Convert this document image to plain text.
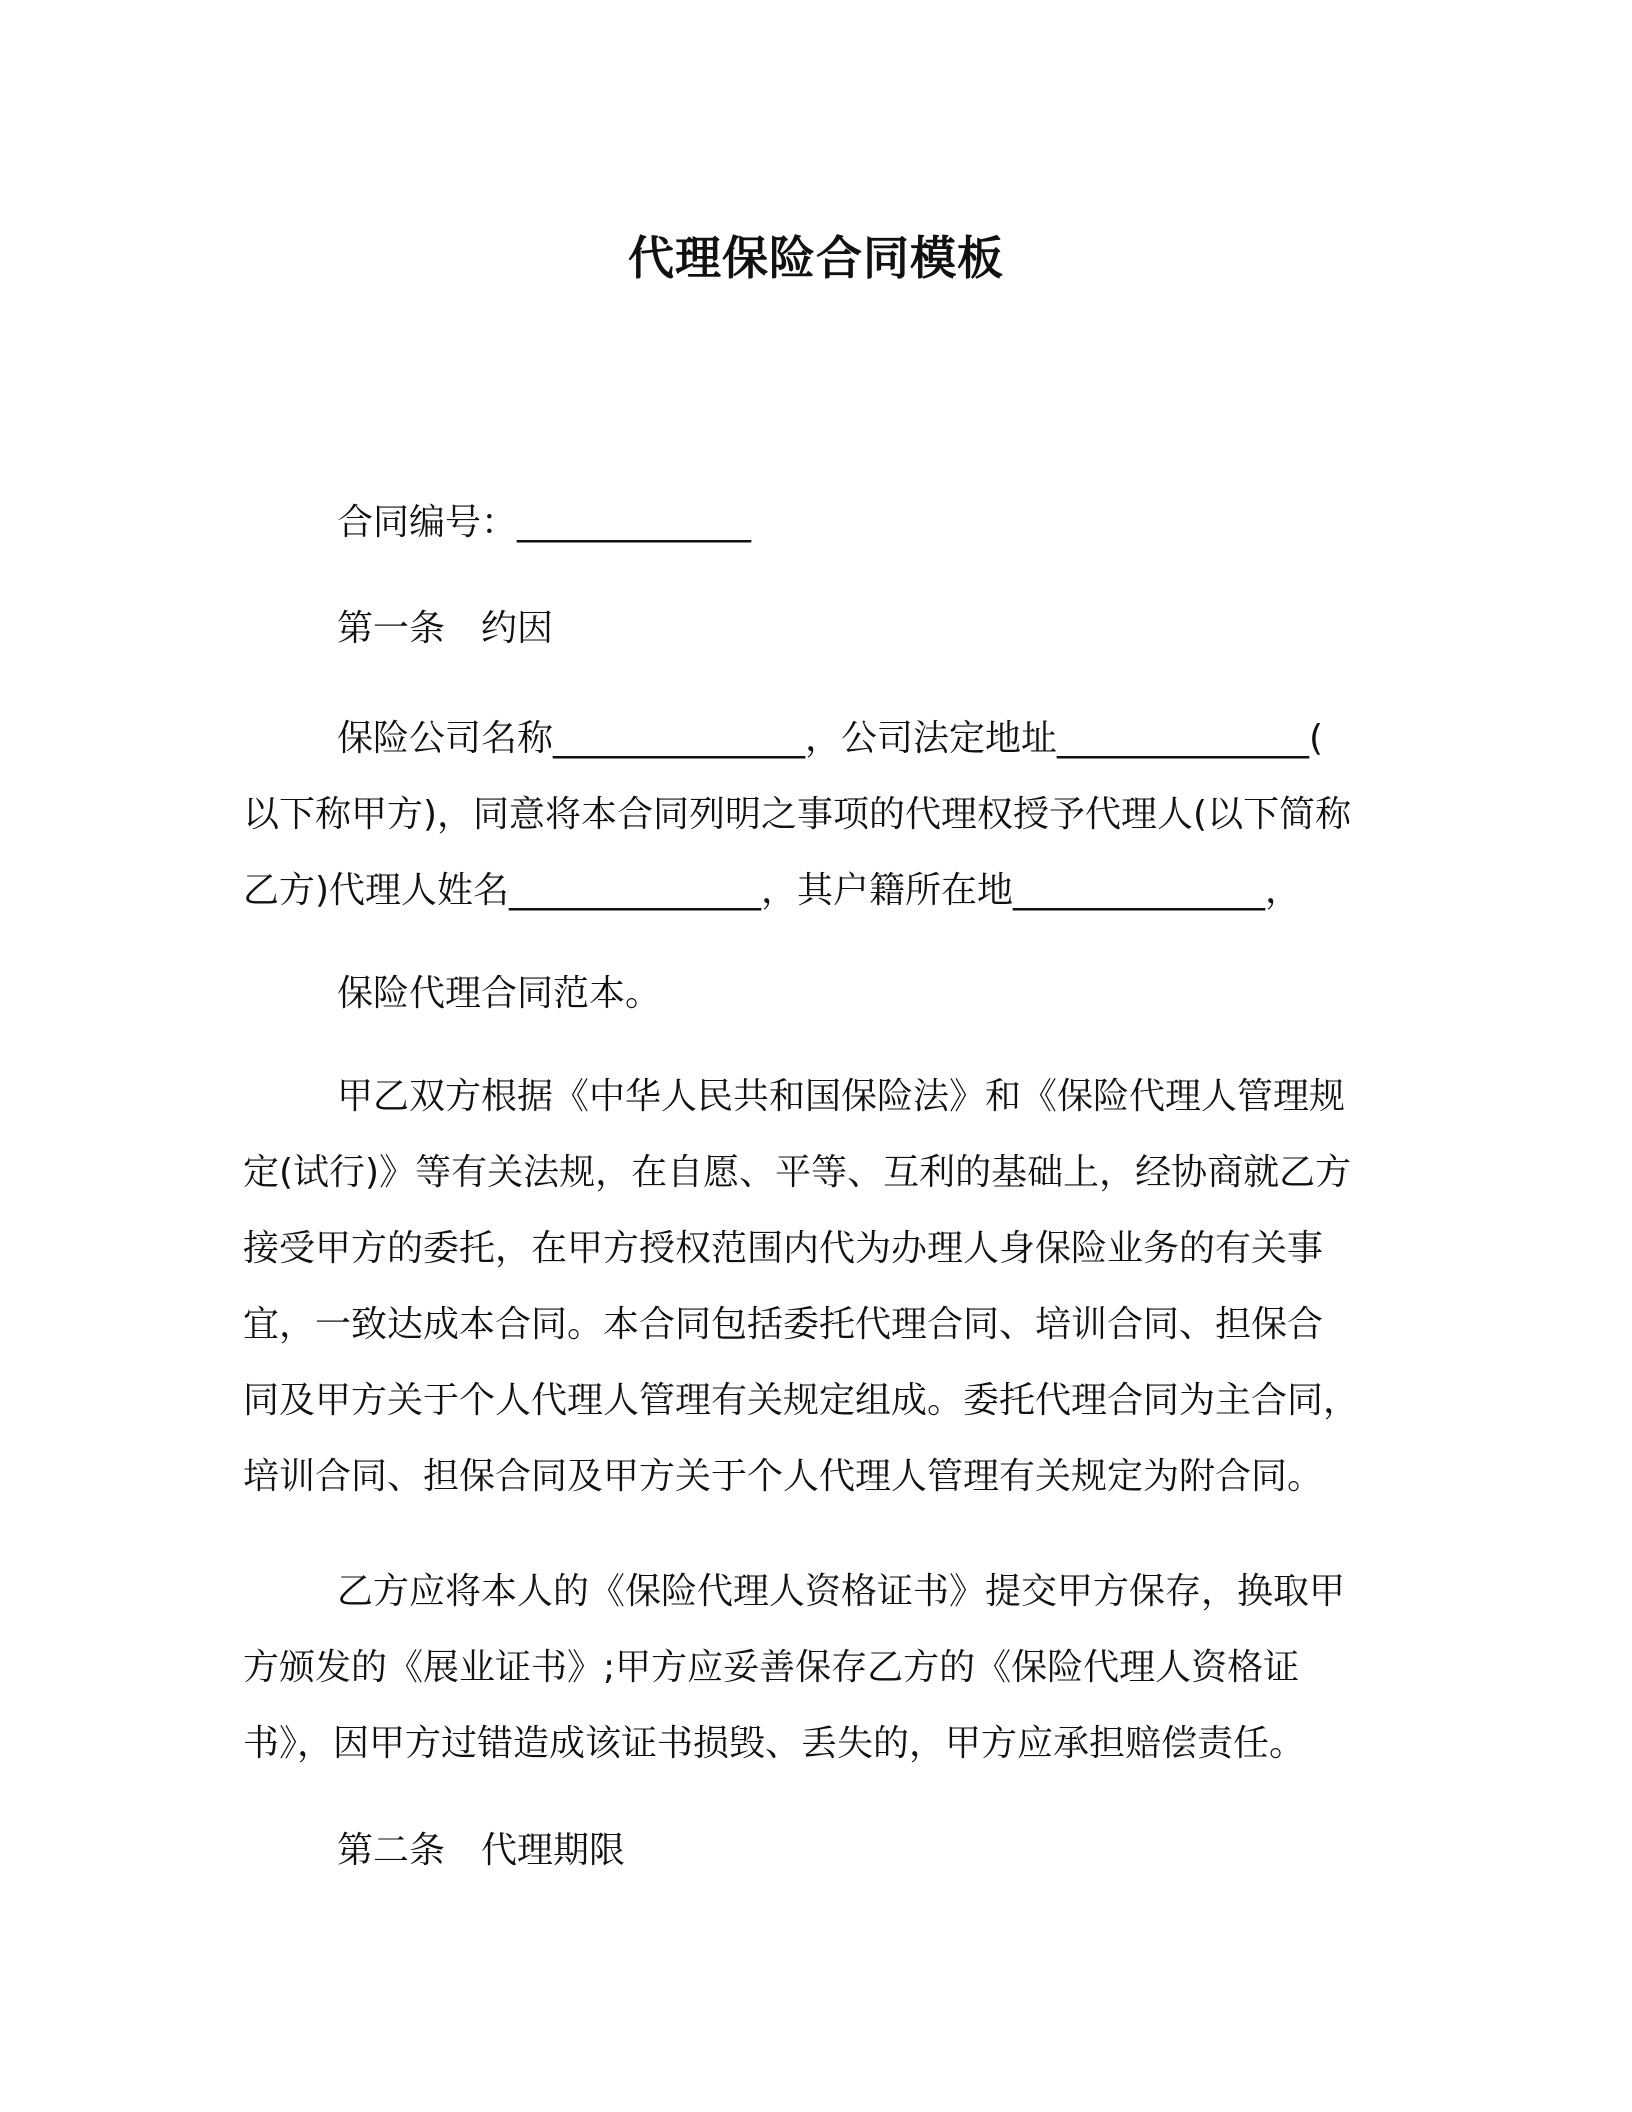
代理保险合同模板
合同编号：_____________
第一条　约因
保险公司名称______________，公司法定地址______________(
以下称甲方)，同意将本合同列明之事项的代理权授予代理人(以下简称
乙方)代理人姓名______________，其户籍所在地______________，
保险代理合同范本。
甲乙双方根据《中华人民共和国保险法》和《保险代理人管理规
定(试行)》等有关法规，在自愿、平等、互利的基础上，经协商就乙方
接受甲方的委托，在甲方授权范围内代为办理人身保险业务的有关事
宜，一致达成本合同。本合同包括委托代理合同、培训合同、担保合
同及甲方关于个人代理人管理有关规定组成。委托代理合同为主合同，
培训合同、担保合同及甲方关于个人代理人管理有关规定为附合同。
乙方应将本人的《保险代理人资格证书》提交甲方保存，换取甲
方颁发的《展业证书》;甲方应妥善保存乙方的《保险代理人资格证
书》，因甲方过错造成该证书损毁、丢失的，甲方应承担赔偿责任。
第二条　代理期限
